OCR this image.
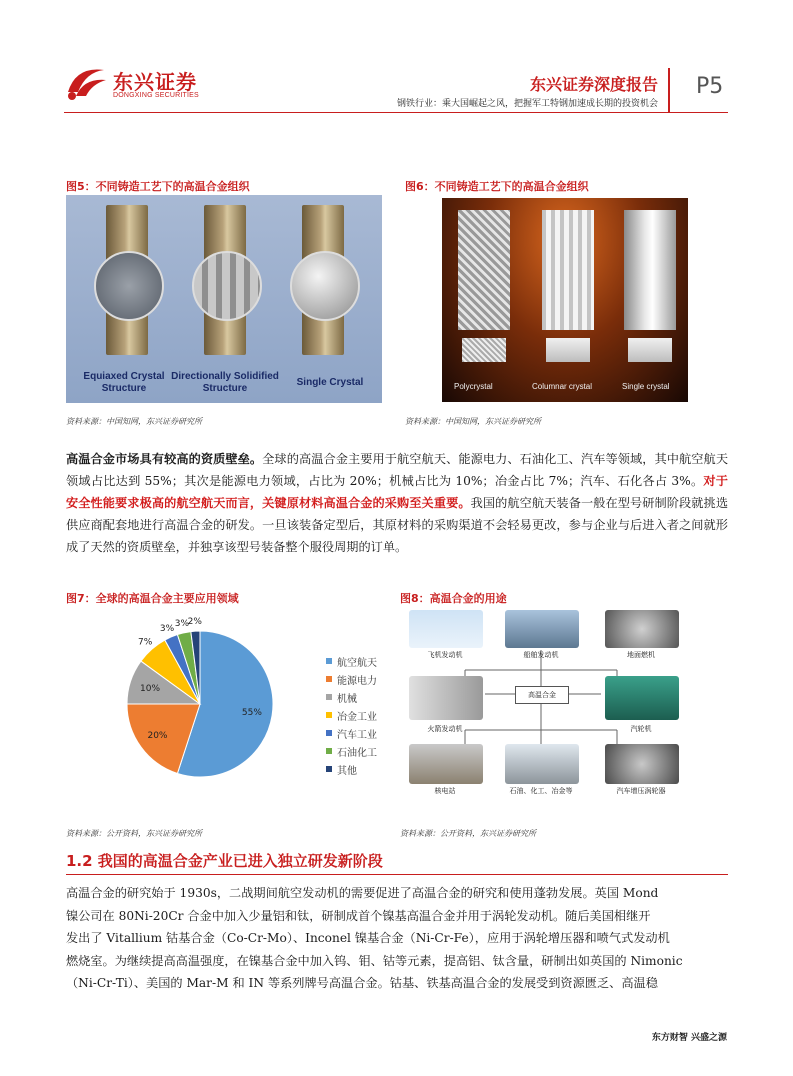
东兴证券
DONGXING SECURITIES
东兴证券深度报告
钢铁行业：乘大国崛起之风，把握军工特钢加速成长期的投资机会
P5
图5：不同铸造工艺下的高温合金组织
Equiaxed Crystal Structure
Directionally Solidified Structure
Single Crystal
资料来源：中国知网，东兴证券研究所
图6：不同铸造工艺下的高温合金组织
Polycrystal	Columnar crystal	Single crystal
资料来源：中国知网，东兴证券研究所
高温合金市场具有较高的资质壁垒。全球的高温合金主要用于航空航天、能源电力、石油化工、汽车等领域，其中航空航天领域占比达到 55%；其次是能源电力领域，占比为 20%；机械占比为 10%；冶金占比 7%；汽车、石化各占 3%。对于安全性能要求极高的航空航天而言，关键原材料高温合金的采购至关重要。我国的航空航天装备一般在型号研制阶段就挑选供应商配套地进行高温合金的研发。一旦该装备定型后，其原材料的采购渠道不会轻易更改，参与企业与后进入者之间就形成了天然的资质壁垒，并独享该型号装备整个服役周期的订单。
图7：全球的高温合金主要应用领域
55%
20%
10%
7%
3% 3%
2%
航空航天
能源电力
机械
冶金工业
汽车工业
石油化工
其他
资料来源：公开资料，东兴证券研究所
图8：高温合金的用途
飞机发动机	船舶发动机	地面燃机
火箭发动机
高温合金
汽轮机
核电站	石油、化工、冶金等	汽车增压涡轮器
资料来源：公开资料，东兴证券研究所
1.2 我国的高温合金产业已进入独立研发新阶段
高温合金的研究始于 1930s，二战期间航空发动机的需要促进了高温合金的研究和使用蓬勃发展。英国 Mond
镍公司在 80Ni-20Cr 合金中加入少量铝和钛，研制成首个镍基高温合金并用于涡轮发动机。随后美国相继开
发出了 Vitallium 钴基合金（Co-Cr-Mo）、Inconel 镍基合金（Ni-Cr-Fe），应用于涡轮增压器和喷气式发动机
燃烧室。为继续提高高温强度，在镍基合金中加入钨、钼、钴等元素，提高铝、钛含量，研制出如英国的 Nimonic
（Ni-Cr-Ti）、美国的 Mar-M 和 IN 等系列牌号高温合金。钴基、铁基高温合金的发展受到资源匮乏、高温稳
东方财智 兴盛之源
